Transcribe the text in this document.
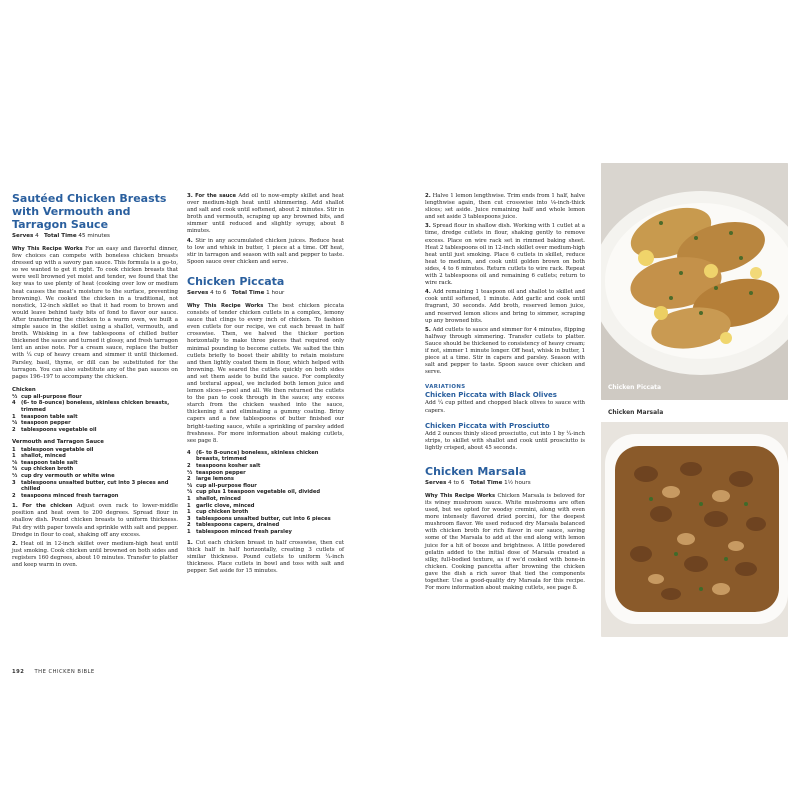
Sautéed Chicken Breasts with Vermouth and Tarragon Sauce
Serves 4 Total Time 45 minutes

Why This Recipe Works For an easy and flavorful dinner, few choices can compete with boneless chicken breasts dressed up with a savory pan sauce. This formula is a go-to, so we wanted to get it right. To cook chicken breasts that were well browned yet moist and tender, we found that the key was to use plenty of heat (cooking over low or medium heat causes the meat’s moisture to the surface, preventing browning). We cooked the chicken in a traditional, not nonstick, 12-inch skillet so that it had room to brown and would leave behind tasty bits of fond to flavor our sauce. After transferring the chicken to a warm oven, we built a simple sauce in the skillet using a shallot, vermouth, and broth. Whisking in a few tablespoons of chilled butter thickened the sauce and turned it glossy, and fresh tarragon lent an anise note. For a cream sauce, replace the butter with ¼ cup of heavy cream and simmer it until thickened. Parsley, basil, thyme, or dill can be substituted for the tarragon. You can also substitute any of the pan sauces on pages 196–197 to accompany the chicken.

Chicken
½ cup all-purpose flour
4	(6- to 8-ounce) boneless, skinless chicken breasts, trimmed
1	teaspoon table salt
¼ teaspoon pepper
2	tablespoons vegetable oil
Vermouth and Tarragon Sauce
1	tablespoon vegetable oil
1	shallot, minced
⅛ teaspoon table salt
¾ cup chicken broth
½ cup dry vermouth or white wine
3	tablespoons unsalted butter, cut into 3 pieces and chilled
2	teaspoons minced fresh tarragon

1. For the chicken Adjust oven rack to lower-middle position and heat oven to 200 degrees. Spread flour in shallow dish. Pound chicken breasts to uniform thickness. Pat dry with paper towels and sprinkle with salt and pepper. Dredge in flour to coat, shaking off any excess.

2. Heat oil in 12-inch skillet over medium-high heat until just smoking. Cook chicken until browned on both sides and registers 160 degrees, about 10 minutes. Transfer to platter and keep warm in oven.

3. For the sauce Add oil to now-empty skillet and heat over medium-high heat until shimmering. Add shallot and salt and cook until softened, about 2 minutes. Stir in broth and vermouth, scraping up any browned bits, and simmer until reduced and slightly syrupy, about 8 minutes.

4. Stir in any accumulated chicken juices. Reduce heat to low and whisk in butter, 1 piece at a time. Off heat, stir in tarragon and season with salt and pepper to taste. Spoon sauce over chicken and serve.

Chicken Piccata
Serves 4 to 6 Total Time 1 hour

Why This Recipe Works The best chicken piccata consists of tender chicken cutlets in a complex, lemony sauce that clings to every inch of chicken. To fashion even cutlets for our recipe, we cut each breast in half crosswise. Then, we halved the thicker portion horizontally to make three pieces that required only minimal pounding to become cutlets. We salted the thin cutlets briefly to boost their ability to retain moisture and then lightly coated them in flour, which helped with browning. We seared the cutlets quickly on both sides and set them aside to build the sauce. For complexity and textural appeal, we included both lemon juice and lemon slices—peel and all. We then returned the cutlets to the pan to cook through in the sauce; any excess starch from the chicken washed into the sauce, thickening it and eliminating a gummy coating. Briny capers and a few tablespoons of butter finished our bright-tasting sauce, while a sprinkling of parsley added freshness. For more information about making cutlets, see page 8.

4	(6- to 8-ounce) boneless, skinless chicken breasts, trimmed
2	teaspoons kosher salt
½ teaspoon pepper
2	large lemons
¼ cup all-purpose flour
¼ cup plus 1 teaspoon vegetable oil, divided
1	shallot, minced
1	garlic clove, minced
1	cup chicken broth
3	tablespoons unsalted butter, cut into 6 pieces
2	tablespoons capers, drained
1	tablespoon minced fresh parsley

1. Cut each chicken breast in half crosswise, then cut thick half in half horizontally, creating 3 cutlets of similar thickness. Pound cutlets to uniform ¼-inch thickness. Place cutlets in bowl and toss with salt and pepper. Set aside for 15 minutes.

2. Halve 1 lemon lengthwise. Trim ends from 1 half, halve lengthwise again, then cut crosswise into ⅛-inch-thick slices; set aside. Juice remaining half and whole lemon and set aside 3 tablespoons juice.

3. Spread flour in shallow dish. Working with 1 cutlet at a time, dredge cutlets in flour, shaking gently to remove excess. Place on wire rack set in rimmed baking sheet. Heat 2 tablespoons oil in 12-inch skillet over medium-high heat until just smoking. Place 6 cutlets in skillet, reduce heat to medium, and cook until golden brown on both sides, 4 to 6 minutes. Return cutlets to wire rack. Repeat with 2 tablespoons oil and remaining 6 cutlets; return to wire rack.

4. Add remaining 1 teaspoon oil and shallot to skillet and cook until softened, 1 minute. Add garlic and cook until fragrant, 30 seconds. Add broth, reserved lemon juice, and reserved lemon slices and bring to simmer, scraping up any browned bits.

5. Add cutlets to sauce and simmer for 4 minutes, flipping halfway through simmering. Transfer cutlets to platter. Sauce should be thickened to consistency of heavy cream; if not, simmer 1 minute longer. Off heat, whisk in butter, 1 piece at a time. Stir in capers and parsley. Season with salt and pepper to taste. Spoon sauce over chicken and serve.

VARIATIONS
Chicken Piccata with Black Olives

Add ¼ cup pitted and chopped black olives to sauce with capers.

Chicken Piccata with Prosciutto

Add 2 ounces thinly sliced prosciutto, cut into 1 by ¼-inch strips, to skillet with shallot and cook until prosciutto is lightly crisped, about 45 seconds.

Chicken Marsala
Serves 4 to 6 Total Time 1½ hours

Why This Recipe Works Chicken Marsala is beloved for its winey mushroom sauce. White mushrooms are often used, but we opted for woodsy cremini, along with even more intensely flavored dried porcini, for the deepest mushroom flavor. We used reduced dry Marsala balanced with chicken broth for rich flavor in our sauce, saving some of the Marsala to add at the end along with lemon juice for a hit of booze and brightness. A little powdered gelatin added to the initial dose of Marsala created a silky, full-bodied texture, as if we’d cooked with bone-in chicken. Cooking pancetta after browning the chicken gave the dish a rich savor that tied the components together. Use a good-quality dry Marsala for this recipe. For more information about making cutlets, see page 8.

192 THE CHICKEN BIBLE
Chicken Piccata
Chicken Marsala
